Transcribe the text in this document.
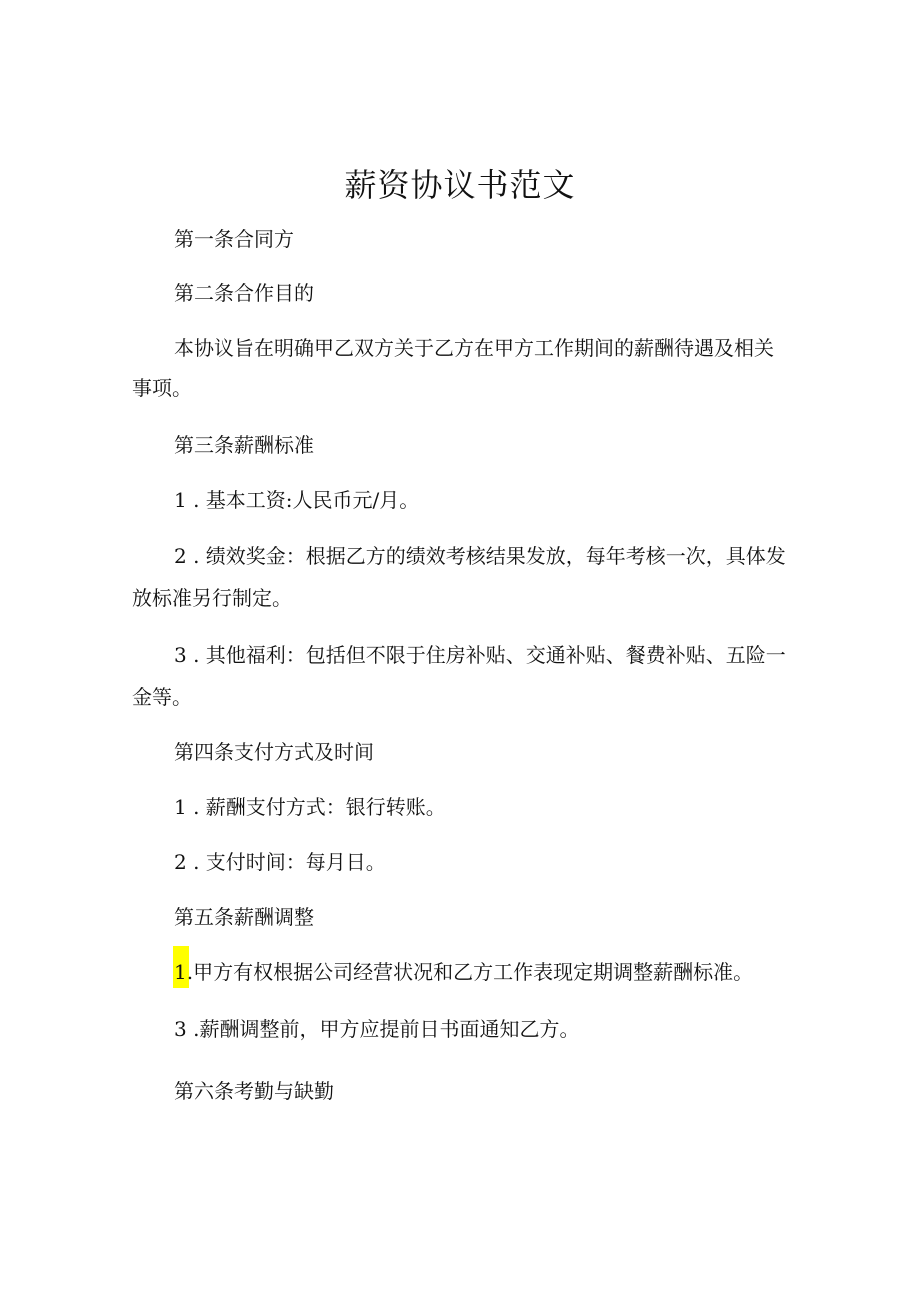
薪资协议书范文
第一条合同方
第二条合作目的
本协议旨在明确甲乙双方关于乙方在甲方工作期间的薪酬待遇及相关
事项。
第三条薪酬标准
1 . 基本工资:人民币元/月。
2 . 绩效奖金：根据乙方的绩效考核结果发放，每年考核一次，具体发
放标准另行制定。
3 . 其他福利：包括但不限于住房补贴、交通补贴、餐费补贴、五险一
金等。
第四条支付方式及时间
1 . 薪酬支付方式：银行转账。
2 . 支付时间：每月日。
第五条薪酬调整
1.甲方有权根据公司经营状况和乙方工作表现定期调整薪酬标准。
3 .薪酬调整前，甲方应提前日书面通知乙方。
第六条考勤与缺勤
